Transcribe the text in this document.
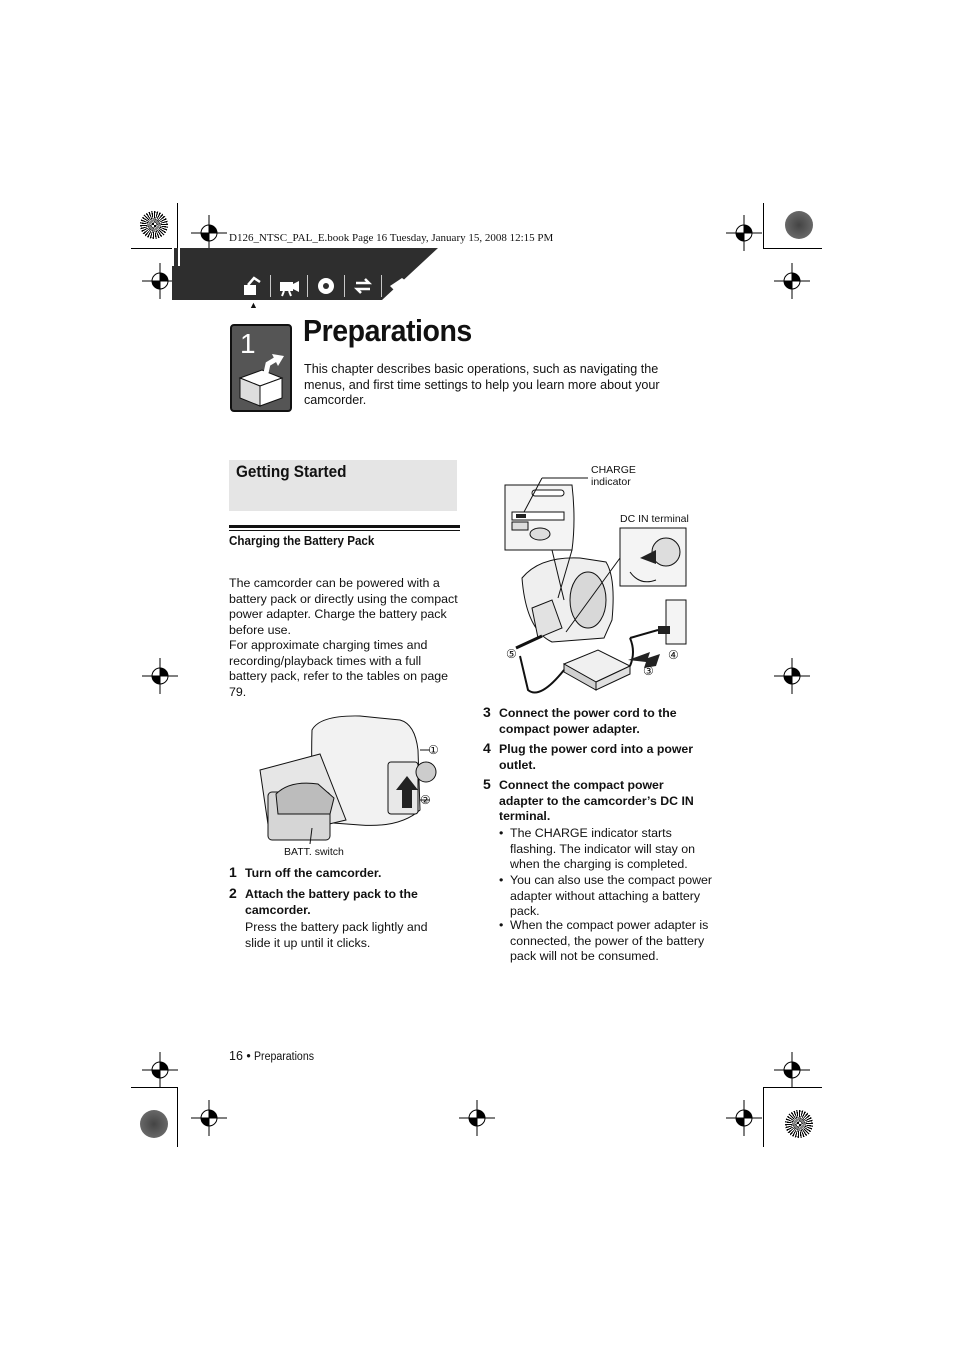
D126_NTSC_PAL_E.book Page 16 Tuesday, January 15, 2008 12:15 PM
▲
1 Preparations
This chapter describes basic operations, such as navigating the menus, and first time settings to help you learn more about your camcorder.
Getting Started
Charging the Battery Pack
The camcorder can be powered with a battery pack or directly using the compact power adapter. Charge the battery pack before use.
For approximate charging times and recording/playback times with a full battery pack, refer to the tables on page 79.
BATT. switch
①
②
1 Turn off the camcorder.
2 Attach the battery pack to the camcorder.
Press the battery pack lightly and slide it up until it clicks.
CHARGE
indicator
DC IN terminal
③
④
⑤
3 Connect the power cord to the compact power adapter.
4 Plug the power cord into a power outlet.
5 Connect the compact power adapter to the camcorder’s DC IN terminal.
• The CHARGE indicator starts flashing. The indicator will stay on when the charging is completed.
• You can also use the compact power adapter without attaching a battery pack.
• When the compact power adapter is connected, the power of the battery pack will not be consumed.
16 • Preparations
